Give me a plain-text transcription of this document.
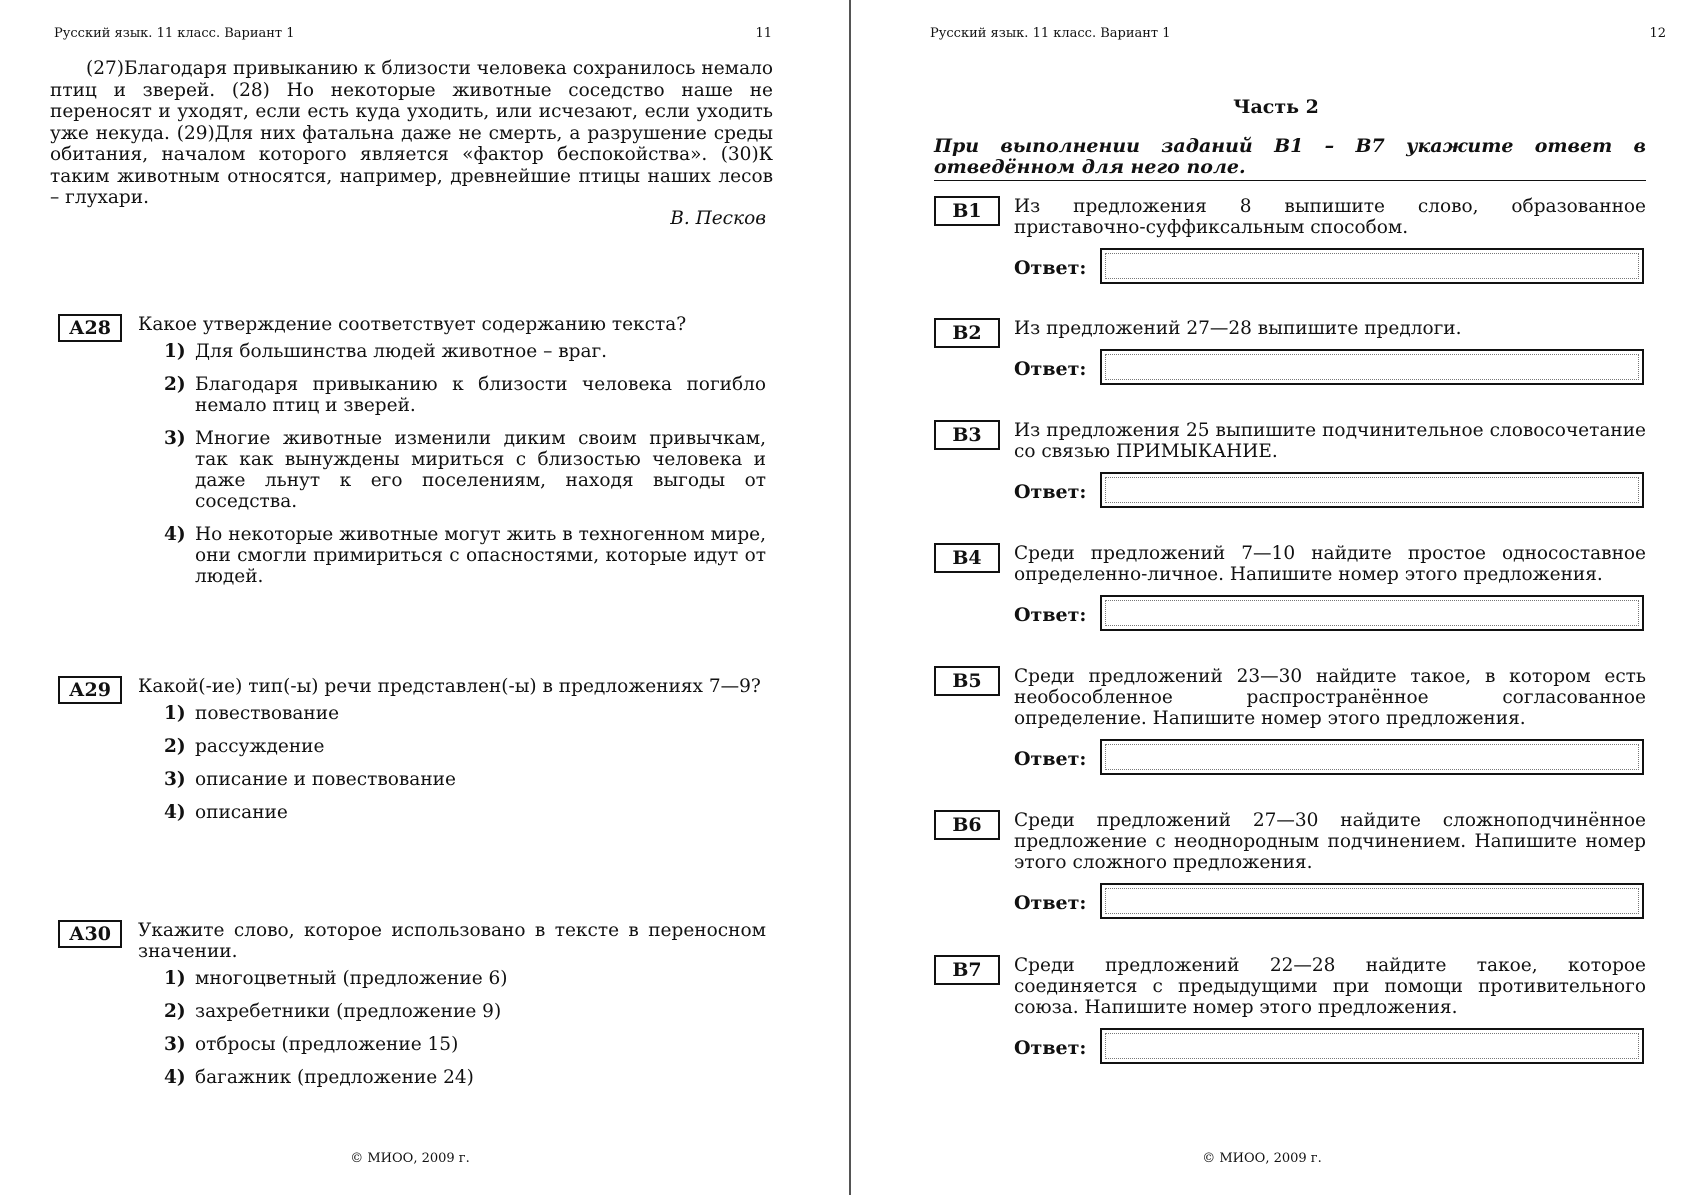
Русский язык. 11 класс. Вариант 1	11
(27)Благодаря привыканию к близости человека сохранилось немало птиц и зверей. (28) Но некоторые животные соседство наше не переносят и уходят, если есть куда уходить, или исчезают, если уходить уже некуда. (29)Для них фатальна даже не смерть, а разрушение среды обитания, началом которого является «фактор беспокойства». (30)К таким животным относятся, например, древнейшие птицы наших лесов – глухари.
В. Песков
А28	Какое утверждение соответствует содержанию текста?
1) Для большинства людей животное – враг.
2) Благодаря привыканию к близости человека погибло немало птиц и зверей.
3) Многие животные изменили диким своим привычкам, так как вынуждены мириться с близостью человека и даже льнут к его поселениям, находя выгоды от соседства.
4) Но некоторые животные могут жить в техногенном мире, они смогли примириться с опасностями, которые идут от людей.
А29	Какой(-ие) тип(-ы) речи представлен(-ы) в предложениях 7—9?
1) повествование
2) рассуждение
3) описание и повествование
4) описание
А30	Укажите слово, которое использовано в тексте в переносном значении.
1) многоцветный (предложение 6)
2) захребетники (предложение 9)
3) отбросы (предложение 15)
4) багажник (предложение 24)
© МИОО, 2009 г.
Русский язык. 11 класс. Вариант 1	12
Часть 2
При выполнении заданий В1 – В7 укажите ответ в отведённом для него поле.
В1	Из предложения 8 выпишите слово, образованное приставочно-суффиксальным способом.
Ответ:
В2	Из предложений 27—28 выпишите предлоги.
Ответ:
В3	Из предложения 25 выпишите подчинительное словосочетание со связью ПРИМЫКАНИЕ.
Ответ:
В4	Среди предложений 7—10 найдите простое односоставное определенно-личное. Напишите номер этого предложения.
Ответ:
В5	Среди предложений 23—30 найдите такое, в котором есть необособленное распространённое согласованное определение. Напишите номер этого предложения.
Ответ:
В6	Среди предложений 27—30 найдите сложноподчинённое предложение с неоднородным подчинением. Напишите номер этого сложного предложения.
Ответ:
В7	Среди предложений 22—28 найдите такое, которое соединяется с предыдущими при помощи противительного союза. Напишите номер этого предложения.
Ответ:
© МИОО, 2009 г.
